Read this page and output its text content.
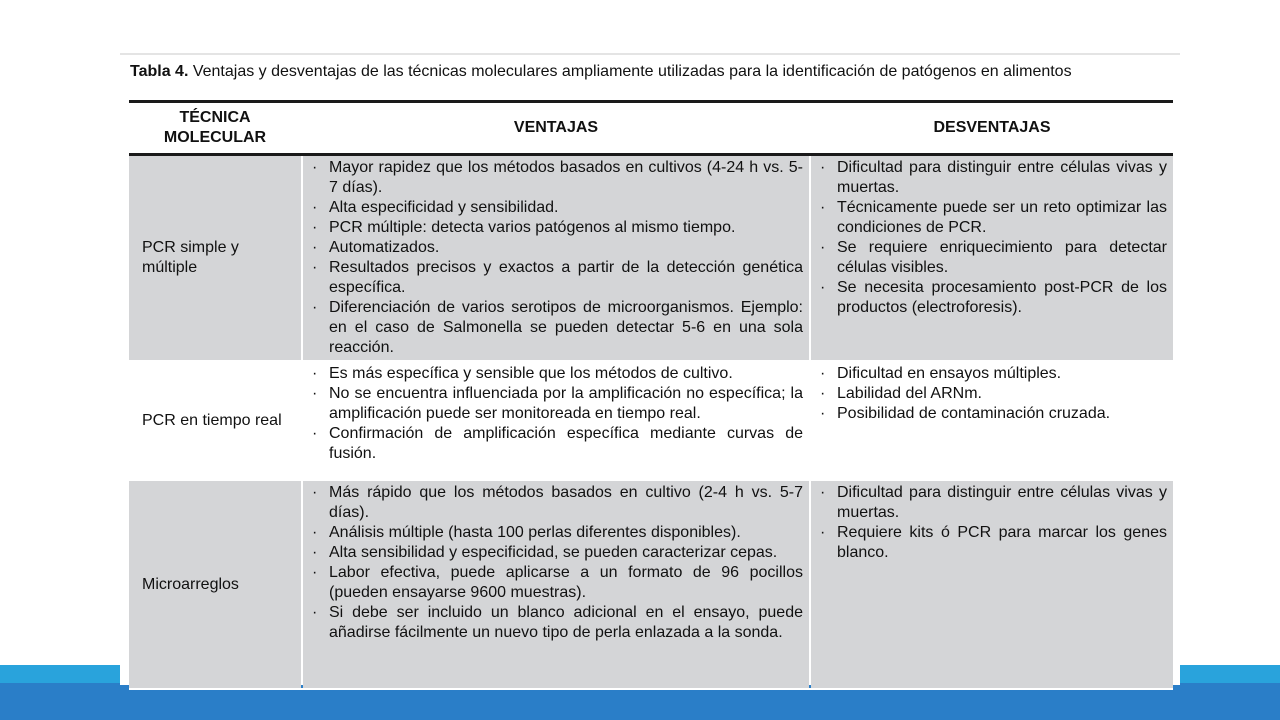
Tabla 4. Ventajas y desventajas de las técnicas moleculares ampliamente utilizadas para la identificación de patógenos en alimentos
TÉCNICA
MOLECULAR
VENTAJAS	DESVENTAJAS
PCR simple y múltiple
· Mayor rapidez que los métodos basados en cultivos (4-24 h vs. 5-7 días).
· Alta especificidad y sensibilidad.
· PCR múltiple: detecta varios patógenos al mismo tiempo.
· Automatizados.
· Resultados precisos y exactos a partir de la detección genética específica.
· Diferenciación de varios serotipos de microorganismos. Ejemplo: en el caso de Salmonella se pueden detectar 5-6 en una sola reacción.
· Dificultad para distinguir entre células vivas y muertas.
· Técnicamente puede ser un reto optimizar las condiciones de PCR.
· Se requiere enriquecimiento para detectar células visibles.
· Se necesita procesamiento post-PCR de los productos (electroforesis).
PCR en tiempo real
· Es más específica y sensible que los métodos de cultivo.
· No se encuentra influenciada por la amplificación no específica; la amplificación puede ser monitoreada en tiempo real.
· Confirmación de amplificación específica mediante curvas de fusión.
· Dificultad en ensayos múltiples.
· Labilidad del ARNm.
· Posibilidad de contaminación cruzada.
Microarreglos
· Más rápido que los métodos basados en cultivo (2-4 h vs. 5-7 días).
· Análisis múltiple (hasta 100 perlas diferentes disponibles).
· Alta sensibilidad y especificidad, se pueden caracterizar cepas.
· Labor efectiva, puede aplicarse a un formato de 96 pocillos (pueden ensayarse 9600 muestras).
· Si debe ser incluido un blanco adicional en el ensayo, puede añadirse fácilmente un nuevo tipo de perla enlazada a la sonda.
· Dificultad para distinguir entre células vivas y muertas.
· Requiere kits ó PCR para marcar los genes blanco.
